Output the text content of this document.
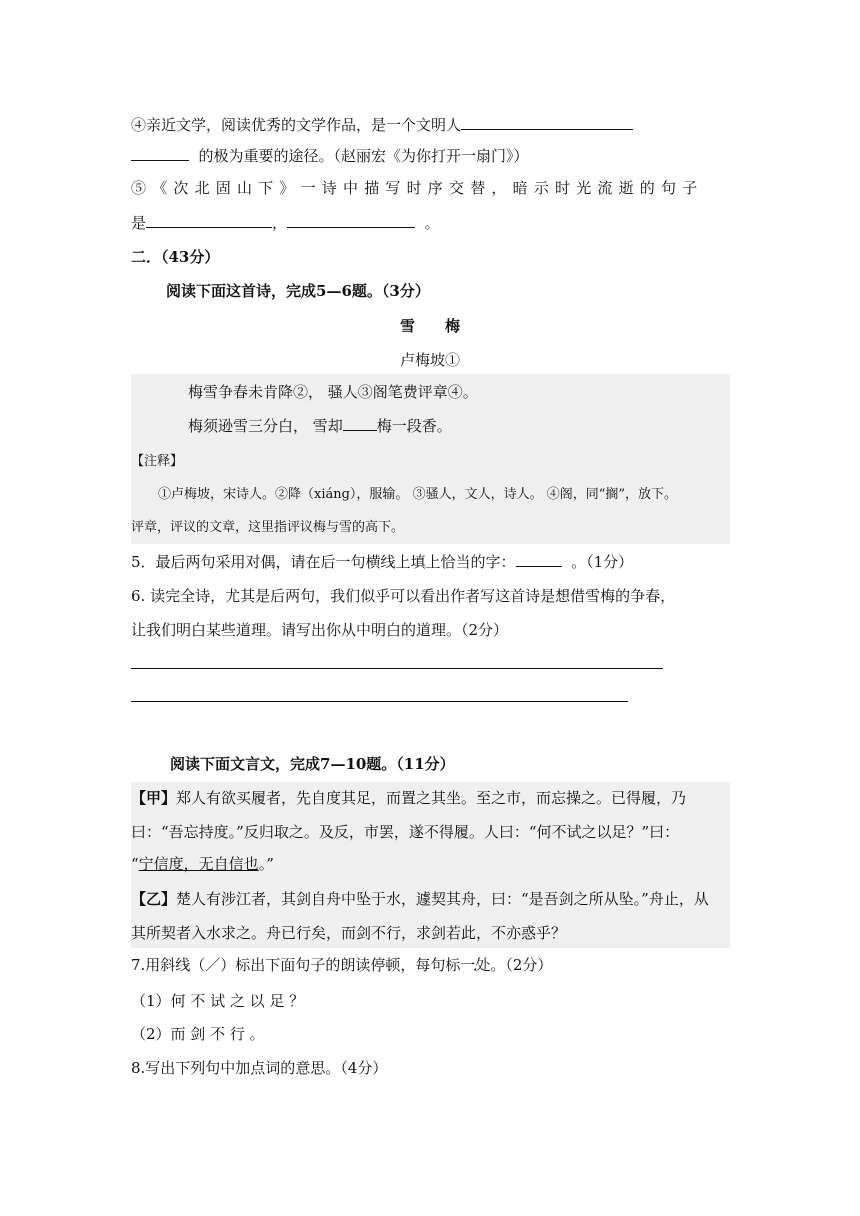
④亲近文学，阅读优秀的文学作品，是一个文明人
的极为重要的途径。（赵丽宏《为你打开一扇门》）
⑤《次北固山下》一诗中描写时序交替，暗示时光流逝的句子
是	，	。
二．（43分）
阅读下面这首诗，完成5—6题。（3分）
雪　　梅
卢梅坡①
梅雪争春未肯降②， 骚人③阁笔费评章④。
梅须逊雪三分白， 雪却 梅一段香。
【注释】
①卢梅坡，宋诗人。②降（xiáng），服输。 ③骚人，文人，诗人。 ④阁，同“搁”，放下。
评章，评议的文章，这里指评议梅与雪的高下。
5．最后两句采用对偶，请在后一句横线上填上恰当的字：	。（1分）
6. 读完全诗，尤其是后两句，我们似乎可以看出作者写这首诗是想借雪梅的争春，
让我们明白某些道理。请写出你从中明白的道理。（2分）
阅读下面文言文，完成7—10题。（11分）
【甲】郑人有欲买履者，先自度其足，而置之其坐。至之市，而忘操之。已得履，乃
曰：“吾忘持度。”反归取之。及反，市罢，遂不得履。人曰：“何不试之以足？”曰：
“宁信度，无自信也。”
【乙】楚人有涉江者，其剑自舟中坠于水，遽契其舟，曰：“是吾剑之所从坠。”舟止，从
其所契者入水求之。舟已行矣，而剑不行，求剑若此，不亦惑乎？
7.用斜线（／）标出下面句子的朗读停顿，每句标一处。（2分）
（1）何 不 试 之 以 足 ？
（2）而 剑 不 行 。
8.写出下列句中加点词的意思。（4分）
